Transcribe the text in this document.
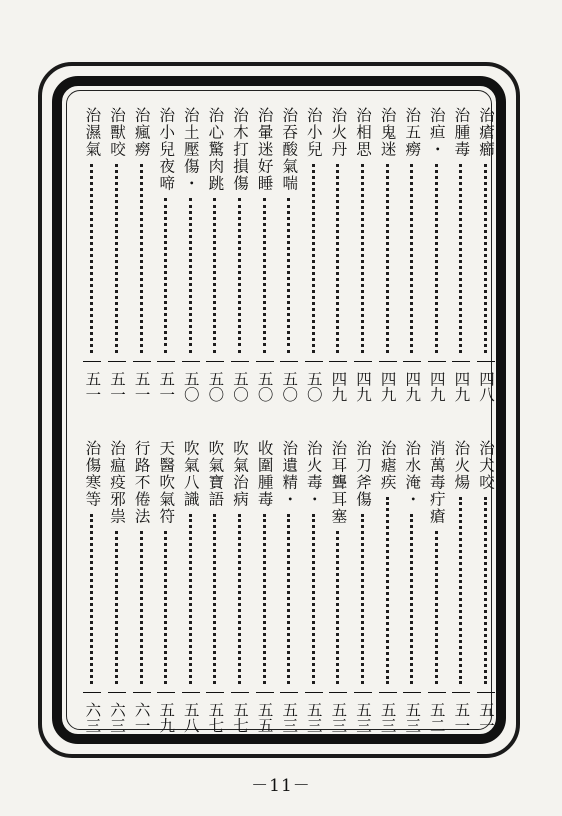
治瘡癤
四八
治腫毒
四九
治疸・
四九
治五癆
四九
治鬼迷
四九
治相思
四九
治火丹
四九
治小兒
五〇
治吞酸氣喘
五〇
治暈迷好睡
五〇
治木打損傷
五〇
治心驚肉跳
五〇
治土壓傷・
五〇
治小兒夜啼
五一
治瘋癆
五一
治獸咬
五一
治濕氣
五一
治犬咬
五一
治火煬
五一
消萬毒疔瘡
五二
治水淹・
五三
治瘧疾
五三
治刀斧傷
五三
治耳聾耳塞
五三
治火毒・
五三
治遺精・
五三
收圍腫毒
五五
吹氣治病
五七
吹氣寶語
五七
吹氣八識
五八
天醫吹氣符
五九
行路不倦法
六一
治瘟疫邪祟
六三
治傷寒等
六三
－11－
